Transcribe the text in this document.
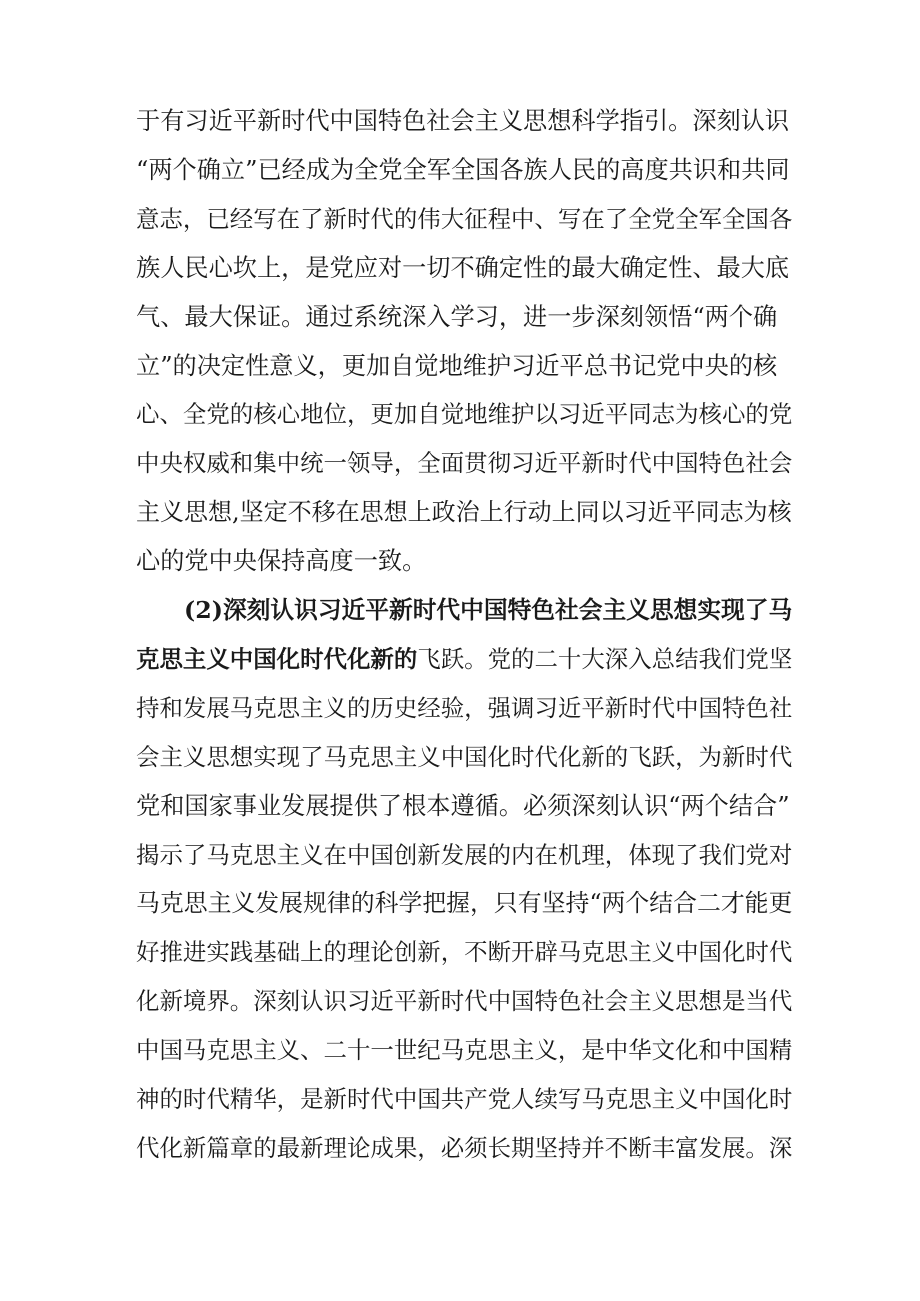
于有习近平新时代中国特色社会主义思想科学指引。深刻认识
“两个确立”已经成为全党全军全国各族人民的高度共识和共同
意志，已经写在了新时代的伟大征程中、写在了全党全军全国各
族人民心坎上，是党应对一切不确定性的最大确定性、最大底
气、最大保证。通过系统深入学习，进一步深刻领悟“两个确
立”的决定性意义，更加自觉地维护习近平总书记党中央的核
心、全党的核心地位，更加自觉地维护以习近平同志为核心的党
中央权威和集中统一领导，全面贯彻习近平新时代中国特色社会
主义思想,坚定不移在思想上政治上行动上同以习近平同志为核
心的党中央保持高度一致。
(2)深刻认识习近平新时代中国特色社会主义思想实现了马
克思主义中国化时代化新的飞跃。党的二十大深入总结我们党坚
持和发展马克思主义的历史经验，强调习近平新时代中国特色社
会主义思想实现了马克思主义中国化时代化新的飞跃，为新时代
党和国家事业发展提供了根本遵循。必须深刻认识“两个结合”
揭示了马克思主义在中国创新发展的内在机理，体现了我们党对
马克思主义发展规律的科学把握，只有坚持“两个结合二才能更
好推进实践基础上的理论创新，不断开辟马克思主义中国化时代
化新境界。深刻认识习近平新时代中国特色社会主义思想是当代
中国马克思主义、二十一世纪马克思主义，是中华文化和中国精
神的时代精华，是新时代中国共产党人续写马克思主义中国化时
代化新篇章的最新理论成果，必须长期坚持并不断丰富发展。深
